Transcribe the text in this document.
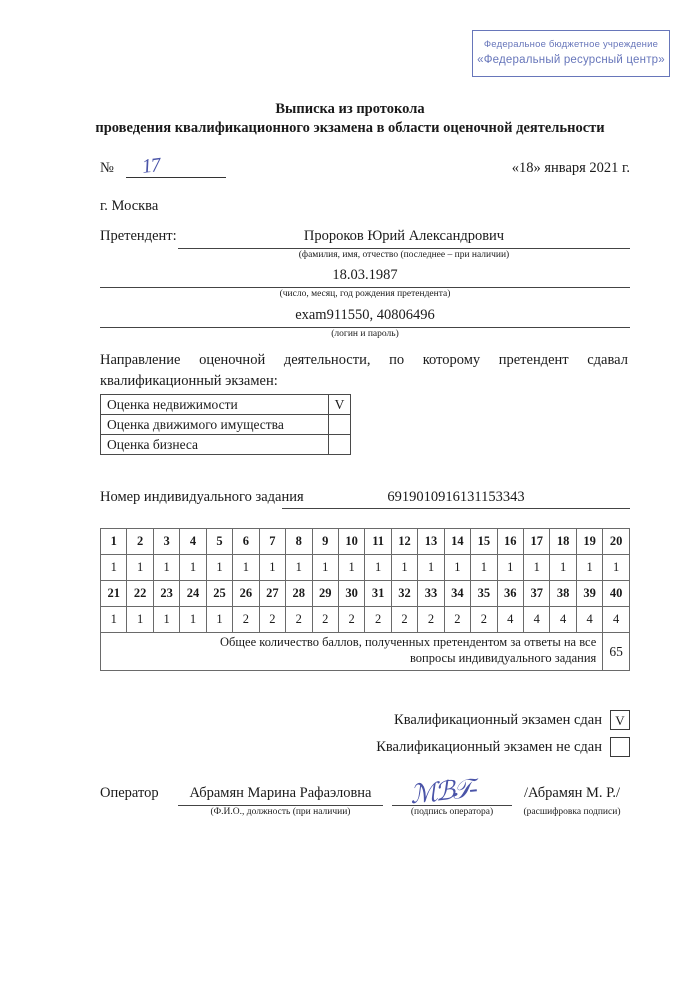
Федеральное бюджетное учреждение
«Федеральный ресурсный центр»
Выписка из протокола
проведения квалификационного экзамена в области оценочной деятельности
№ 17	«18» января 2021 г.
г. Москва
Претендент:	Пророков Юрий Александрович
(фамилия, имя, отчество (последнее – при наличии)
18.03.1987
(число, месяц, год рождения претендента)
exam911550, 40806496
(логин и пароль)
Направление оценочной деятельности, по которому претендент сдавал
квалификационный экзамен:
Оценка недвижимости	V
Оценка движимого имущества	
Оценка бизнеса	
Номер индивидуального задания	6919010916131153343
1	2	3	4	5	6	7	8	9	10	11	12	13	14	15	16	17	18	19	20
1	1	1	1	1	1	1	1	1	1	1	1	1	1	1	1	1	1	1	1
21	22	23	24	25	26	27	28	29	30	31	32	33	34	35	36	37	38	39	40
1	1	1	1	1	2	2	2	2	2	2	2	2	2	2	4	4	4	4	4

Общее количество баллов, полученных претендентом за ответы на все
вопросы индивидуального задания																			65
Квалификационный экзамен сдан	V
Квалификационный экзамен не сдан
Оператор	Абрамян Марина Рафаэловна
(Ф.И.О., должность (при наличии)
ℳℬ𝒯-
(подпись оператора)
/Абрамян М. Р./
(расшифровка подписи)
